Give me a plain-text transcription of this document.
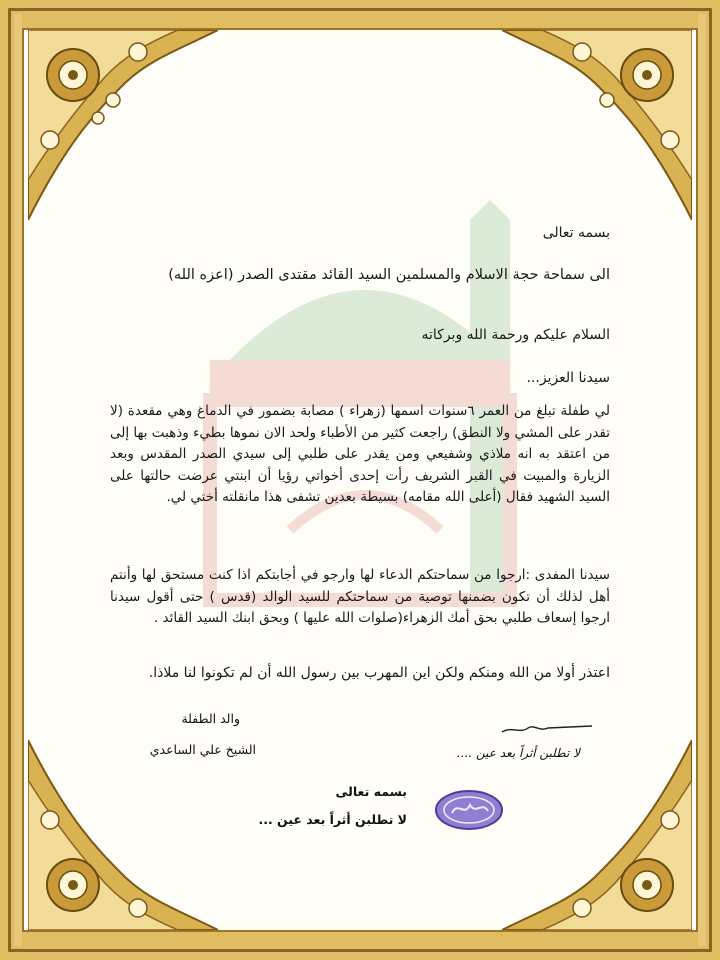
بسمه تعالى
الى سماحة حجة الاسلام والمسلمين السيد القائد مقتدى الصدر (اعزه الله)
السلام عليكم ورحمة الله وبركاته
سيدنا العزيز...
لي طفلة تبلغ من العمر ٦سنوات اسمها (زهراء ) مصابة بضمور في الدماغ وهي مقعدة (لا تقدر على المشي ولا النطق) راجعت كثير من الأطباء ولحد الان نموها بطيء وذهبت بها إلى من اعتقد به انه ملاذي وشفيعي ومن يقدر على طلبي إلى سيدي الصدر المقدس وبعد الزيارة والمبيت في القبر الشريف رأت إحدى أخواتي رؤيا أن ابنتي عرضت حالتها على السيد الشهيد فقال (أعلى الله مقامه) بسيطة بعدين تشفى هذا مانقلته أختي لي.
سيدنا المفدى :ارجوا من سماحتكم الدعاء لها وارجو في أجابتكم اذا كنت مستحق لها وأنتم أهل لذلك أن تكون بضمنها توصية من سماحتكم للسيد الوالد (قدس ) حتى أقول سيدنا ارجوا إسعاف طلبي بحق أمك الزهراء(صلوات الله عليها ) وبحق ابنك السيد القائد .
اعتذر أولا من الله ومنكم ولكن اين المهرب بين رسول الله أن لم تكونوا لنا ملاذا.
والد الطفلة
الشيخ علي الساعدي	لا تطلبن أثراً بعد عين ....
بسمه تعالى
لا تطلبن أثراً بعد عين ...
